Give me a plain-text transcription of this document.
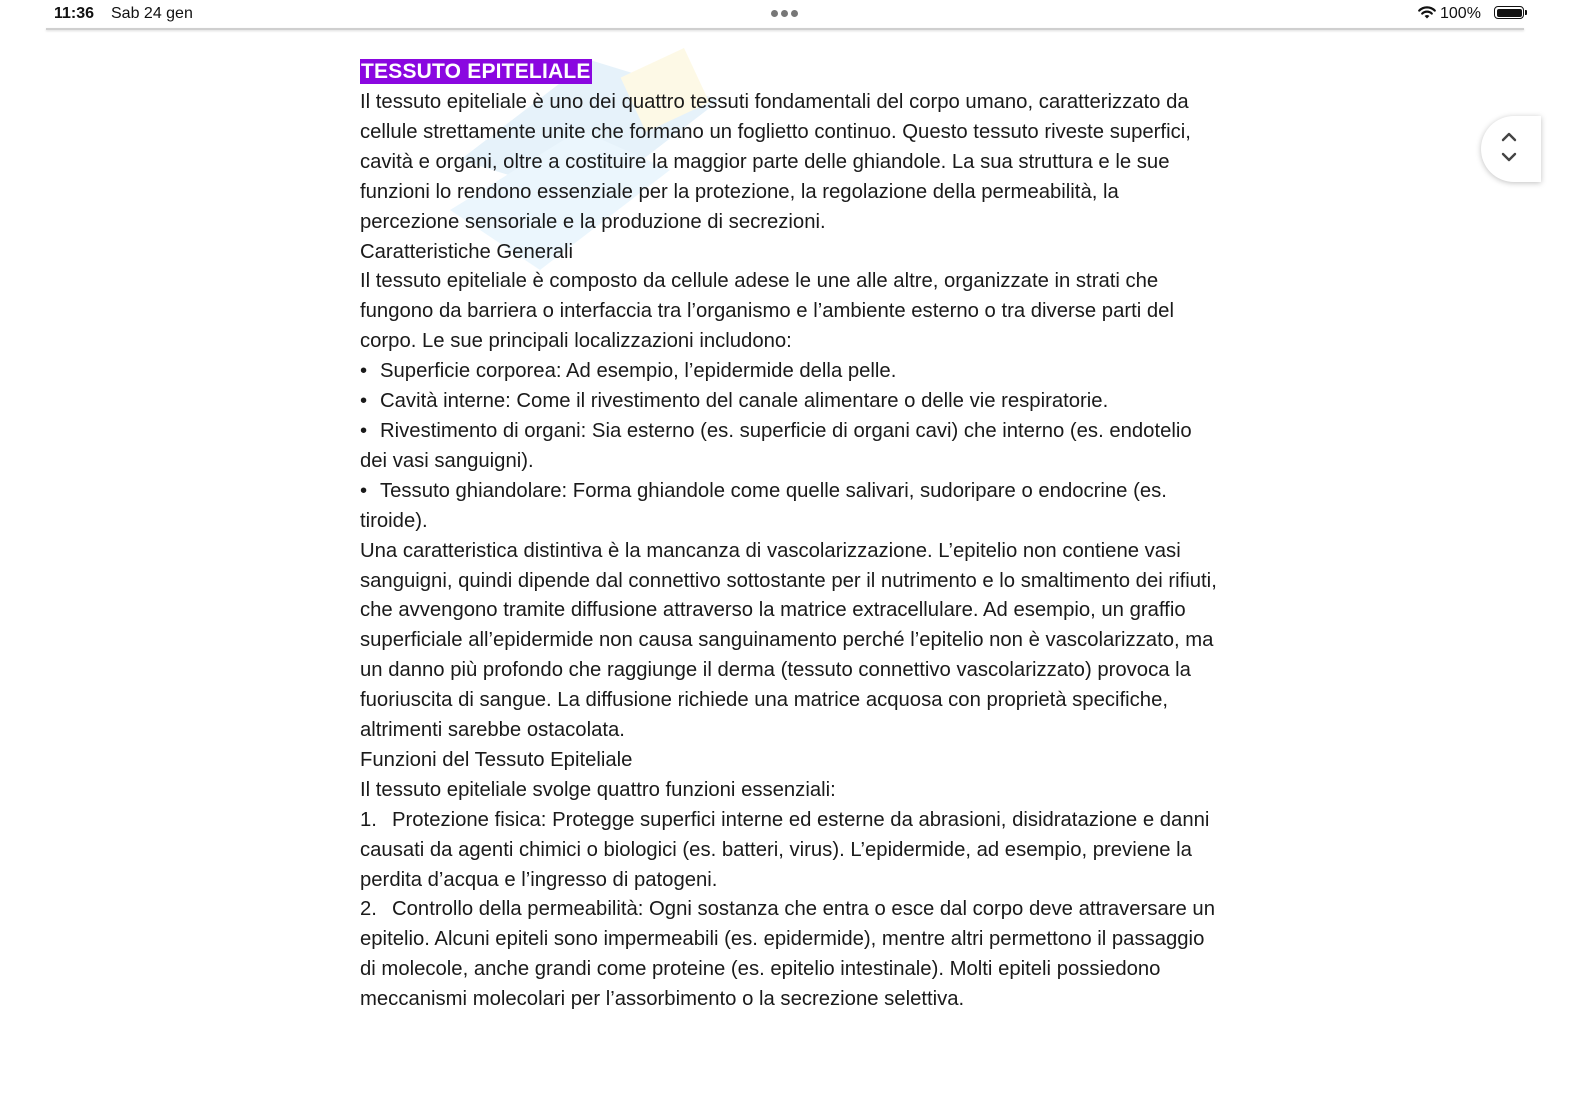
11:36 Sab 24 gen	100%
TESSUTO EPITELIALE

Il tessuto epiteliale è uno dei quattro tessuti fondamentali del corpo umano, caratterizzato da cellule strettamente unite che formano un foglietto continuo. Questo tessuto riveste superfici, cavità e organi, oltre a costituire la maggior parte delle ghiandole. La sua struttura e le sue funzioni lo rendono essenziale per la protezione, la regolazione della permeabilità, la percezione sensoriale e la produzione di secrezioni.

Caratteristiche Generali

Il tessuto epiteliale è composto da cellule adese le une alle altre, organizzate in strati che fungono da barriera o interfaccia tra l’organismo e l’ambiente esterno o tra diverse parti del corpo. Le sue principali localizzazioni includono:

• Superficie corporea: Ad esempio, l’epidermide della pelle.

• Cavità interne: Come il rivestimento del canale alimentare o delle vie respiratorie.

• Rivestimento di organi: Sia esterno (es. superficie di organi cavi) che interno (es. endotelio dei vasi sanguigni).

• Tessuto ghiandolare: Forma ghiandole come quelle salivari, sudoripare o endocrine (es. tiroide).

Una caratteristica distintiva è la mancanza di vascolarizzazione. L’epitelio non contiene vasi sanguigni, quindi dipende dal connettivo sottostante per il nutrimento e lo smaltimento dei rifiuti, che avvengono tramite diffusione attraverso la matrice extracellulare. Ad esempio, un graffio superficiale all’epidermide non causa sanguinamento perché l’epitelio non è vascolarizzato, ma un danno più profondo che raggiunge il derma (tessuto connettivo vascolarizzato) provoca la fuoriuscita di sangue. La diffusione richiede una matrice acquosa con proprietà specifiche, altrimenti sarebbe ostacolata.

Funzioni del Tessuto Epiteliale

Il tessuto epiteliale svolge quattro funzioni essenziali:

1. Protezione fisica: Protegge superfici interne ed esterne da abrasioni, disidratazione e danni causati da agenti chimici o biologici (es. batteri, virus). L’epidermide, ad esempio, previene la perdita d’acqua e l’ingresso di patogeni.

2. Controllo della permeabilità: Ogni sostanza che entra o esce dal corpo deve attraversare un epitelio. Alcuni epiteli sono impermeabili (es. epidermide), mentre altri permettono il passaggio di molecole, anche grandi come proteine (es. epitelio intestinale). Molti epiteli possiedono meccanismi molecolari per l’assorbimento o la secrezione selettiva.
